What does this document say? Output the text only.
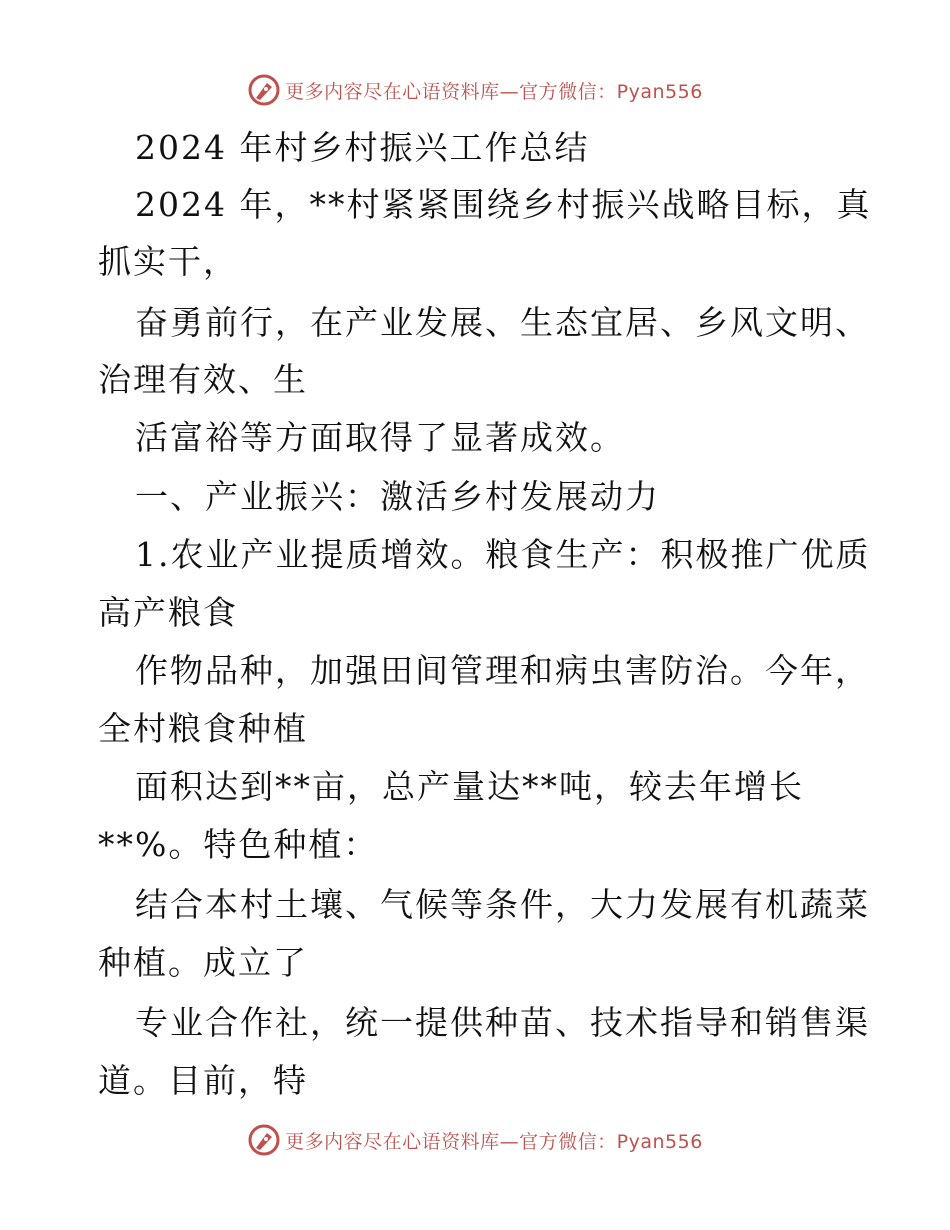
更多内容尽在心语资料库—官方微信：Pyan556
2024 年村乡村振兴工作总结
2024 年，**村紧紧围绕乡村振兴战略目标，真
抓实干，
奋勇前行，在产业发展、生态宜居、乡风文明、
治理有效、生
活富裕等方面取得了显著成效。
一、产业振兴：激活乡村发展动力
1.农业产业提质增效。粮食生产：积极推广优质
高产粮食
作物品种，加强田间管理和病虫害防治。今年，
全村粮食种植
面积达到**亩，总产量达**吨，较去年增长
**%。特色种植：
结合本村土壤、气候等条件，大力发展有机蔬菜
种植。成立了
专业合作社，统一提供种苗、技术指导和销售渠
道。目前，特
更多内容尽在心语资料库—官方微信：Pyan556
